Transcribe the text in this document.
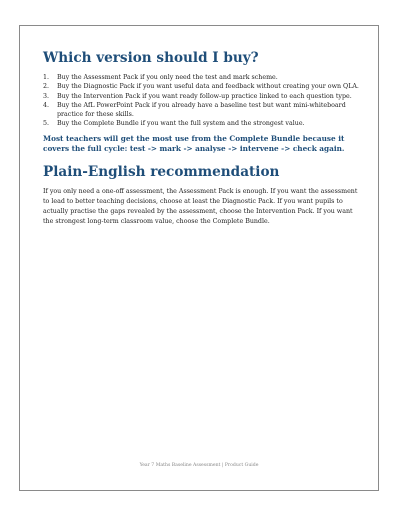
Which version should I buy?
1. Buy the Assessment Pack if you only need the test and mark scheme.
2. Buy the Diagnostic Pack if you want useful data and feedback without creating your own QLA.
3. Buy the Intervention Pack if you want ready follow-up practice linked to each question type.
4. Buy the AfL PowerPoint Pack if you already have a baseline test but want mini-whiteboard practice for these skills.
5. Buy the Complete Bundle if you want the full system and the strongest value.

Most teachers will get the most use from the Complete Bundle because it covers the full cycle: test -> mark -> analyse -> intervene -> check again.

Plain-English recommendation

If you only need a one-off assessment, the Assessment Pack is enough. If you want the assessment to lead to better teaching decisions, choose at least the Diagnostic Pack. If you want pupils to actually practise the gaps revealed by the assessment, choose the Intervention Pack. If you want the strongest long-term classroom value, choose the Complete Bundle.

Year 7 Maths Baseline Assessment | Product Guide
